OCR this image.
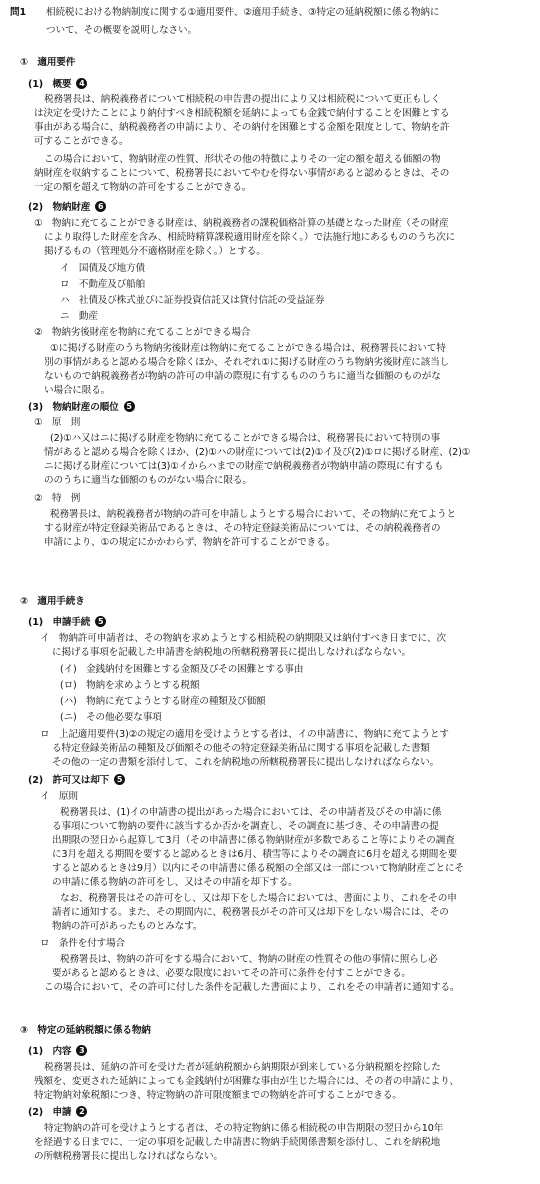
問1 相続税における物納制度に関する①適用要件、②適用手続き、③特定の延納税額に係る物納に
ついて、その概要を説明しなさい。
①　適用要件
(1)　概要 4
税務署長は、納税義務者について相続税の申告書の提出により又は相続税について更正もしく
は決定を受けたことにより納付すべき相続税額を延納によっても金銭で納付することを困難とする
事由がある場合に、納税義務者の申請により、その納付を困難とする金額を限度として、物納を許
可することができる。
この場合において、物納財産の性質、形状その他の特徴によりその一定の額を超える価額の物
納財産を収納することについて、税務署長においてやむを得ない事情があると認めるときは、その
一定の額を超えて物納の許可をすることができる。
(2)　物納財産 6
①　物納に充てることができる財産は、納税義務者の課税価格計算の基礎となった財産（その財産
により取得した財産を含み、相続時精算課税適用財産を除く。）で法施行地にあるもののうち次に
掲げるもの（管理処分不適格財産を除く。）とする。
イ　国債及び地方債
ロ　不動産及び船舶
ハ　社債及び株式並びに証券投資信託又は貸付信託の受益証券
ニ　動産
②　物納劣後財産を物納に充てることができる場合
①に掲げる財産のうち物納劣後財産は物納に充てることができる場合は、税務署長において特
別の事情があると認める場合を除くほか、それぞれ①に掲げる財産のうち物納劣後財産に該当し
ないもので納税義務者が物納の許可の申請の際現に有するもののうちに適当な価額のものがな
い場合に限る。
(3)　物納財産の順位 5
①　原　則
(2)①ハ又はニに掲げる財産を物納に充てることができる場合は、税務署長において特別の事
情があると認める場合を除くほか、(2)①ハの財産については(2)①イ及び(2)①ロに掲げる財産、(2)①
ニに掲げる財産については(3)①イからハまでの財産で納税義務者が物納申請の際現に有するも
ののうちに適当な価額のものがない場合に限る。
②　特　例
税務署長は、納税義務者が物納の許可を申請しようとする場合において、その物納に充てようと
する財産が特定登録美術品であるときは、その特定登録美術品については、その納税義務者の
申請により、①の規定にかかわらず、物納を許可することができる。
②　適用手続き
(1)　申請手続 5
イ　物納許可申請者は、その物納を求めようとする相続税の納期限又は納付すべき日までに、次
に掲げる事項を記載した申請書を納税地の所轄税務署長に提出しなければならない。
(イ)　金銭納付を困難とする金額及びその困難とする事由
(ロ)　物納を求めようとする税額
(ハ)　物納に充てようとする財産の種類及び価額
(ニ)　その他必要な事項
ロ　上記適用要件(3)②の規定の適用を受けようとする者は、イの申請書に、物納に充てようとす
る特定登録美術品の種類及び価額その他その特定登録美術品に関する事項を記載した書類
その他の一定の書類を添付して、これを納税地の所轄税務署長に提出しなければならない。
(2)　許可又は却下 5
イ　原則
税務署長は、(1)イの申請書の提出があった場合においては、その申請者及びその申請に係
る事項について物納の要件に該当するか否かを調査し、その調査に基づき、その申請書の提
出期限の翌日から起算して3月（その申請書に係る物納財産が多数であること等によりその調査
に3月を超える期間を要すると認めるときは6月、積雪等によりその調査に6月を超える期間を要
すると認めるときは9月）以内にその申請書に係る税額の全部又は一部について物納財産ごとにそ
の申請に係る物納の許可をし、又はその申請を却下する。
なお、税務署長はその許可をし、又は却下をした場合においては、書面により、これをその申
請者に通知する。また、その期間内に、税務署長がその許可又は却下をしない場合には、その
物納の許可があったものとみなす。
ロ　条件を付す場合
税務署長は、物納の許可をする場合において、物納の財産の性質その他の事情に照らし必
要があると認めるときは、必要な限度においてその許可に条件を付すことができる。
この場合において、その許可に付した条件を記載した書面により、これをその申請者に通知する。
③　特定の延納税額に係る物納
(1)　内容 3
税務署長は、延納の許可を受けた者が延納税額から納期限が到来している分納税額を控除した
残額を、変更された延納によっても金銭納付が困難な事由が生じた場合には、その者の申請により、
特定物納対象税額につき、特定物納の許可限度額までの物納を許可することができる。
(2)　申請 2
特定物納の許可を受けようとする者は、その特定物納に係る相続税の申告期限の翌日から10年
を経過する日までに、一定の事項を記載した申請書に物納手続関係書類を添付し、これを納税地
の所轄税務署長に提出しなければならない。
